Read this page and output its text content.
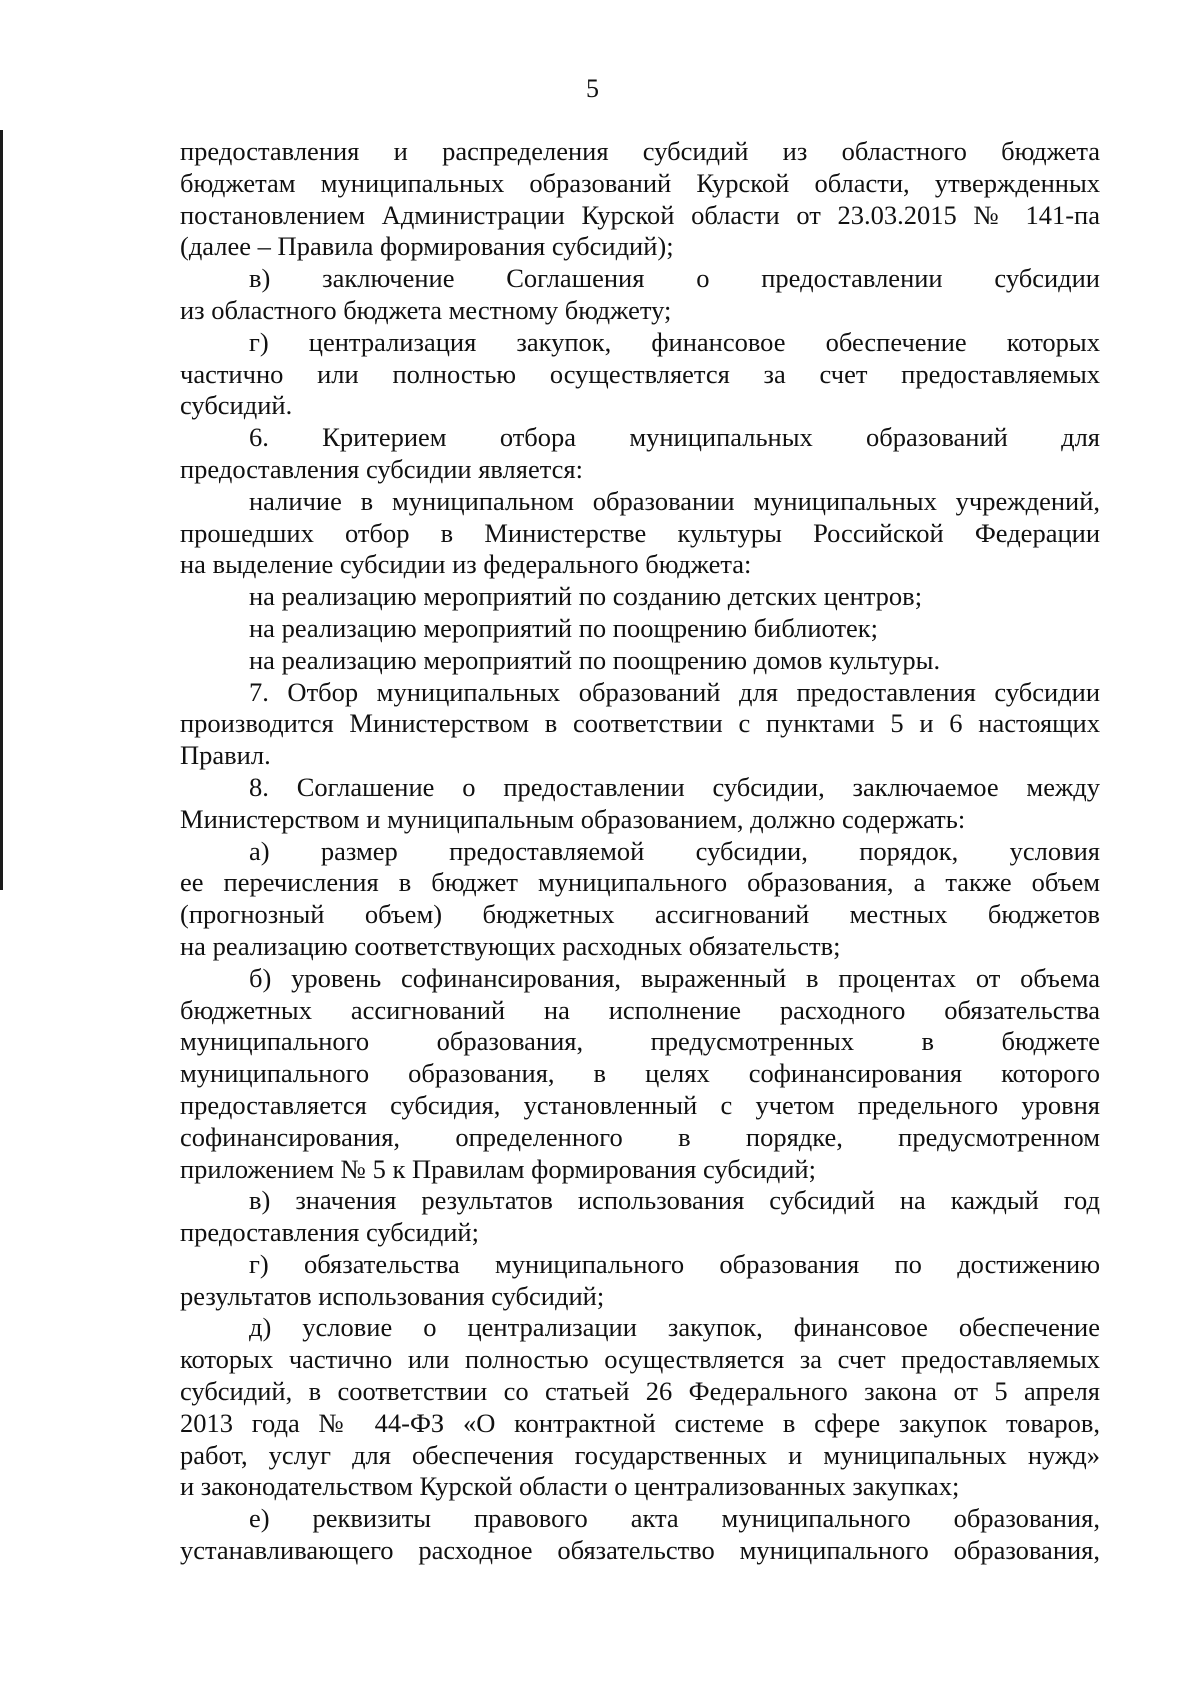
5
предоставления и распределения субсидий из областного бюджета
бюджетам муниципальных образований Курской области, утвержденных
постановлением Администрации Курской области от 23.03.2015 № 141-па
(далее – Правила формирования субсидий);
в) заключение Соглашения о предоставлении субсидии
из областного бюджета местному бюджету;
г) централизация закупок, финансовое обеспечение которых
частично или полностью осуществляется за счет предоставляемых
субсидий.
6. Критерием отбора муниципальных образований для
предоставления субсидии является:
наличие в муниципальном образовании муниципальных учреждений,
прошедших отбор в Министерстве культуры Российской Федерации
на выделение субсидии из федерального бюджета:
на реализацию мероприятий по созданию детских центров;
на реализацию мероприятий по поощрению библиотек;
на реализацию мероприятий по поощрению домов культуры.
7. Отбор муниципальных образований для предоставления субсидии
производится Министерством в соответствии с пунктами 5 и 6 настоящих
Правил.
8. Соглашение о предоставлении субсидии, заключаемое между
Министерством и муниципальным образованием, должно содержать:
а) размер предоставляемой субсидии, порядок, условия
ее перечисления в бюджет муниципального образования, а также объем
(прогнозный объем) бюджетных ассигнований местных бюджетов
на реализацию соответствующих расходных обязательств;
б) уровень софинансирования, выраженный в процентах от объема
бюджетных ассигнований на исполнение расходного обязательства
муниципального образования, предусмотренных в бюджете
муниципального образования, в целях софинансирования которого
предоставляется субсидия, установленный с учетом предельного уровня
софинансирования, определенного в порядке, предусмотренном
приложением № 5 к Правилам формирования субсидий;
в) значения результатов использования субсидий на каждый год
предоставления субсидий;
г) обязательства муниципального образования по достижению
результатов использования субсидий;
д) условие о централизации закупок, финансовое обеспечение
которых частично или полностью осуществляется за счет предоставляемых
субсидий, в соответствии со статьей 26 Федерального закона от 5 апреля
2013 года № 44-ФЗ «О контрактной системе в сфере закупок товаров,
работ, услуг для обеспечения государственных и муниципальных нужд»
и законодательством Курской области о централизованных закупках;
е) реквизиты правового акта муниципального образования,
устанавливающего расходное обязательство муниципального образования,
